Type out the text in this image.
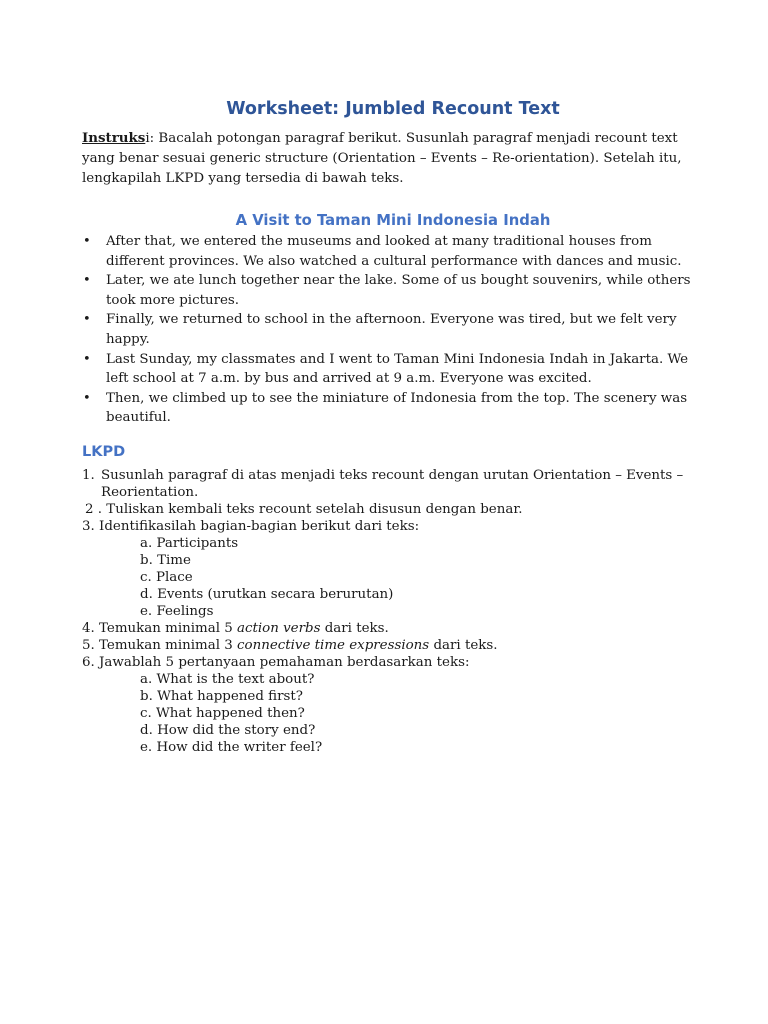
Worksheet: Jumbled Recount Text

Instruksi: Bacalah potongan paragraf berikut. Susunlah paragraf menjadi recount text yang benar sesuai generic structure (Orientation – Events – Re-orientation). Setelah itu, lengkapilah LKPD yang tersedia di bawah teks.

A Visit to Taman Mini Indonesia Indah
• After that, we entered the museums and looked at many traditional houses from different provinces. We also watched a cultural performance with dances and music.
• Later, we ate lunch together near the lake. Some of us bought souvenirs, while others took more pictures.
• Finally, we returned to school in the afternoon. Everyone was tired, but we felt very happy.
• Last Sunday, my classmates and I went to Taman Mini Indonesia Indah in Jakarta. We left school at 7 a.m. by bus and arrived at 9 a.m. Everyone was excited.
• Then, we climbed up to see the miniature of Indonesia from the top. The scenery was beautiful.
LKPD

1. Susunlah paragraf di atas menjadi teks recount dengan urutan Orientation – Events – Reorientation.

2 . Tuliskan kembali teks recount setelah disusun dengan benar.

3. Identifikasilah bagian-bagian berikut dari teks:

a. Participants

b. Time

c. Place

d. Events (urutkan secara berurutan)

e. Feelings

4. Temukan minimal 5 action verbs dari teks.

5. Temukan minimal 3 connective time expressions dari teks.

6. Jawablah 5 pertanyaan pemahaman berdasarkan teks:

a. What is the text about?

b. What happened first?

c. What happened then?

d. How did the story end?

e. How did the writer feel?
